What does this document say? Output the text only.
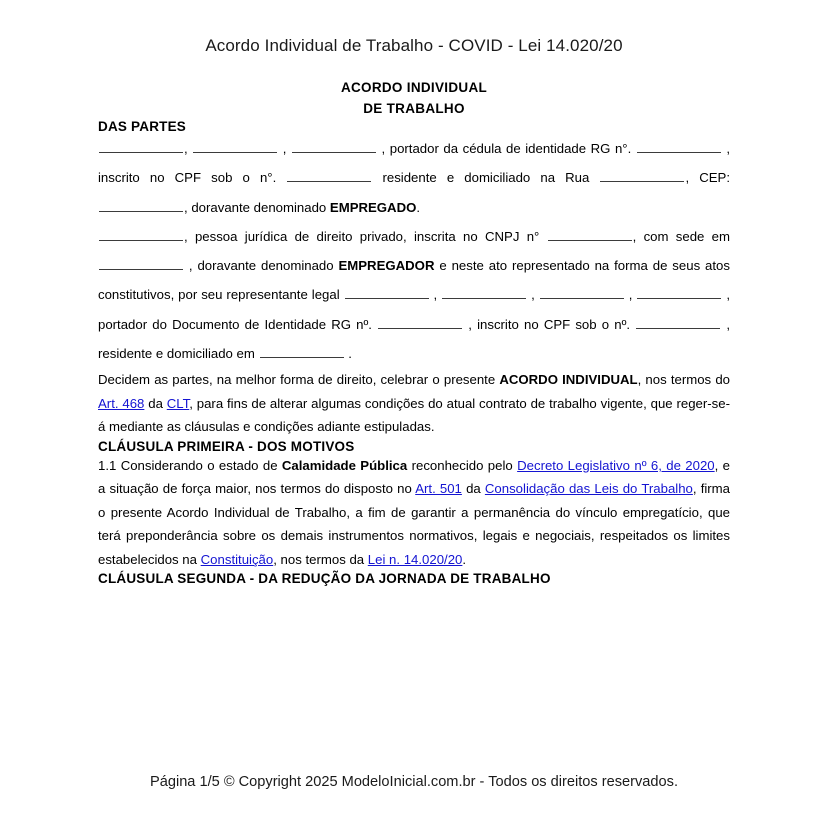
Acordo Individual de Trabalho - COVID - Lei 14.020/20
ACORDO INDIVIDUAL
DE TRABALHO
DAS PARTES

,	,	, portador da cédula de identidade RG n°.	, inscrito no CPF sob o n°.	residente e domiciliado na Rua	, CEP: , doravante denominado EMPREGADO.

, pessoa jurídica de direito privado, inscrita no CNPJ n°	, com sede em  , doravante denominado EMPREGADOR e neste ato representado na forma de seus atos constitutivos, por seu representante legal	,	,	,	, portador do Documento de Identidade RG nº.	, inscrito no CPF sob o nº.	, residente e domiciliado em	.

Decidem as partes, na melhor forma de direito, celebrar o presente ACORDO INDIVIDUAL, nos termos do Art. 468 da CLT, para fins de alterar algumas condições do atual contrato de trabalho vigente, que reger-se-á mediante as cláusulas e condições adiante estipuladas.

CLÁUSULA PRIMEIRA - DOS MOTIVOS

1.1 Considerando o estado de Calamidade Pública reconhecido pelo Decreto Legislativo nº 6, de 2020, e a situação de força maior, nos termos do disposto no Art. 501 da Consolidação das Leis do Trabalho, firma o presente Acordo Individual de Trabalho, a fim de garantir a permanência do vínculo empregatício, que terá preponderância sobre os demais instrumentos normativos, legais e negociais, respeitados os limites estabelecidos na Constituição, nos termos da Lei n. 14.020/20.

CLÁUSULA SEGUNDA - DA REDUÇÃO DA JORNADA DE TRABALHO
Página 1/5 © Copyright 2025 ModeloInicial.com.br - Todos os direitos reservados.
